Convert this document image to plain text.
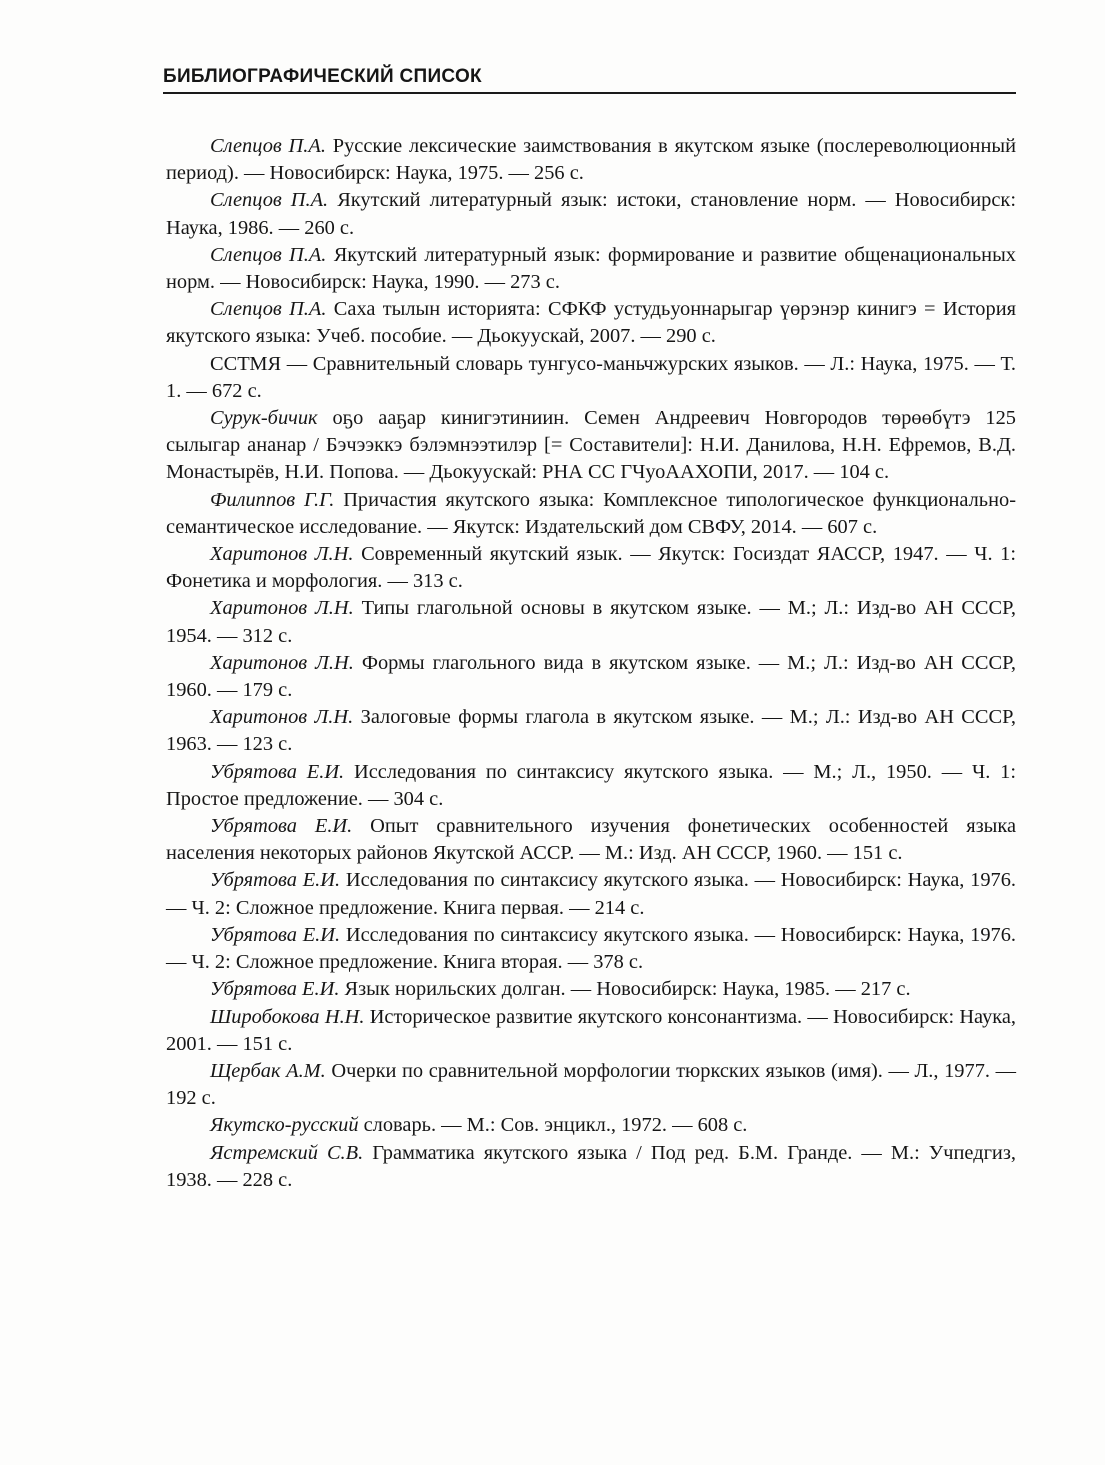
БИБЛИОГРАФИЧЕСКИЙ СПИСОК

Слепцов П.А. Русские лексические заимствования в якутском языке (послереволюционный период). — Новосибирск: Наука, 1975. — 256 с.

Слепцов П.А. Якутский литературный язык: истоки, становление норм. — Новосибирск: Наука, 1986. — 260 с.

Слепцов П.А. Якутский литературный язык: формирование и развитие общенациональных норм. — Новосибирск: Наука, 1990. — 273 с.

Слепцов П.А. Саха тылын историята: СФКФ устудьуоннарыгар үөрэнэр кинигэ = История якутского языка: Учеб. пособие. — Дьокуускай, 2007. — 290 с.

ССТМЯ — Сравнительный словарь тунгусо-маньчжурских языков. — Л.: Наука, 1975. — Т. 1. — 672 с.

Сурук-бичик оҕо ааҕар кинигэтиниин. Семен Андреевич Новгородов төрөөбүтэ 125 сылыгар ананар / Бэчээккэ бэлэмнээтилэр [= Составители]: Н.И. Данилова, Н.Н. Ефремов, В.Д. Монастырёв, Н.И. Попова. — Дьокуускай: РНА СС ГЧуоААХОПИ, 2017. — 104 с.

Филиппов Г.Г. Причастия якутского языка: Комплексное типологическое функционально-семантическое исследование. — Якутск: Издательский дом СВФУ, 2014. — 607 с.

Харитонов Л.Н. Современный якутский язык. — Якутск: Госиздат ЯАССР, 1947. — Ч. 1: Фонетика и морфология. — 313 с.

Харитонов Л.Н. Типы глагольной основы в якутском языке. — М.; Л.: Изд-во АН СССР, 1954. — 312 с.

Харитонов Л.Н. Формы глагольного вида в якутском языке. — М.; Л.: Изд-во АН СССР, 1960. — 179 с.

Харитонов Л.Н. Залоговые формы глагола в якутском языке. — М.; Л.: Изд-во АН СССР, 1963. — 123 с.

Убрятова Е.И. Исследования по синтаксису якутского языка. — М.; Л., 1950. — Ч. 1: Простое предложение. — 304 с.

Убрятова Е.И. Опыт сравнительного изучения фонетических особенностей языка населения некоторых районов Якутской АССР. — М.: Изд. АН СССР, 1960. — 151 с.

Убрятова Е.И. Исследования по синтаксису якутского языка. — Новосибирск: Наука, 1976. — Ч. 2: Сложное предложение. Книга первая. — 214 с.

Убрятова Е.И. Исследования по синтаксису якутского языка. — Новосибирск: Наука, 1976. — Ч. 2: Сложное предложение. Книга вторая. — 378 с.

Убрятова Е.И. Язык норильских долган. — Новосибирск: Наука, 1985. — 217 с.

Широбокова Н.Н. Историческое развитие якутского консонантизма. — Новосибирск: Наука, 2001. — 151 с.

Щербак А.М. Очерки по сравнительной морфологии тюркских языков (имя). — Л., 1977. — 192 с.

Якутско-русский словарь. — М.: Сов. энцикл., 1972. — 608 с.

Ястремский С.В. Грамматика якутского языка / Под ред. Б.М. Гранде. — М.: Учпедгиз, 1938. — 228 с.
